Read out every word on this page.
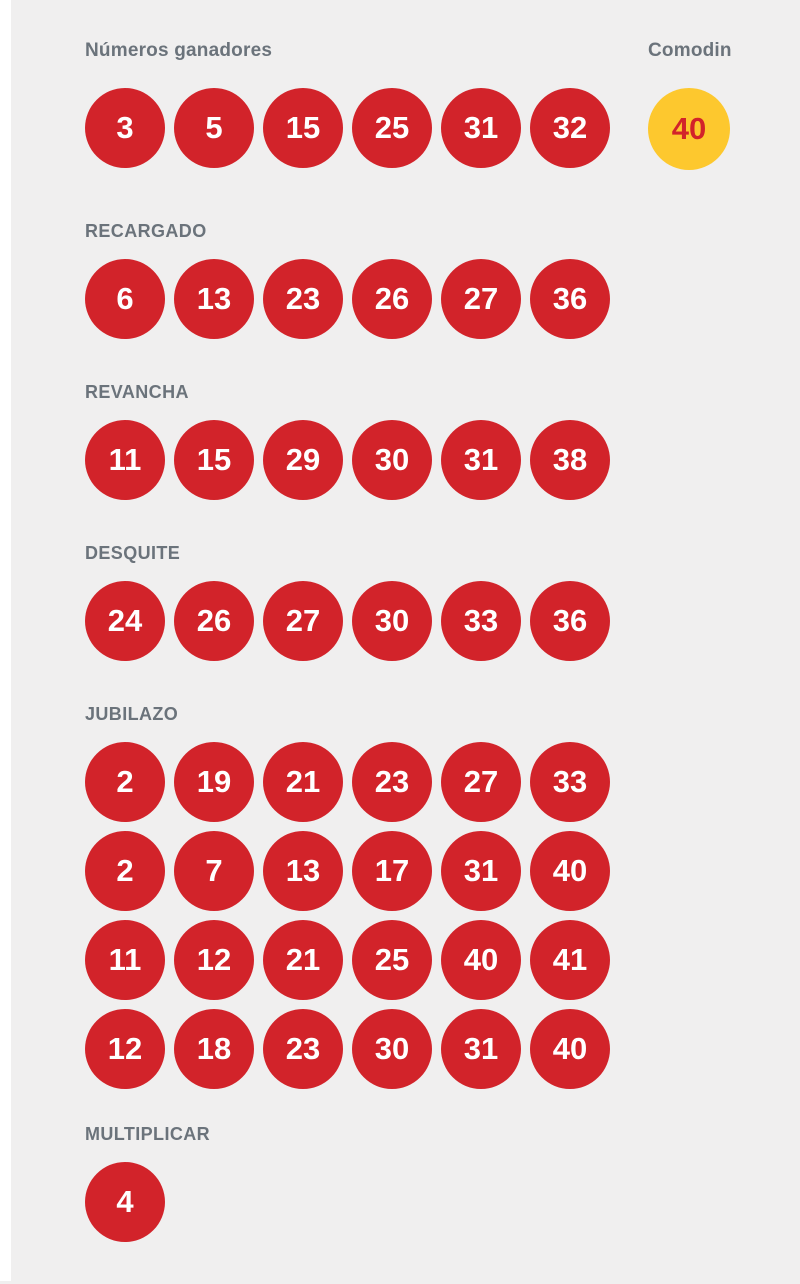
Números ganadores
3	5	15	25	31	32
Comodin
40
RECARGADO
6	13	23	26	27	36
REVANCHA
11	15	29	30	31	38
DESQUITE
24	26	27	30	33	36
JUBILAZO
2	19	21	23	27	33
2	7	13	17	31	40
11	12	21	25	40	41
12	18	23	30	31	40
MULTIPLICAR
4
